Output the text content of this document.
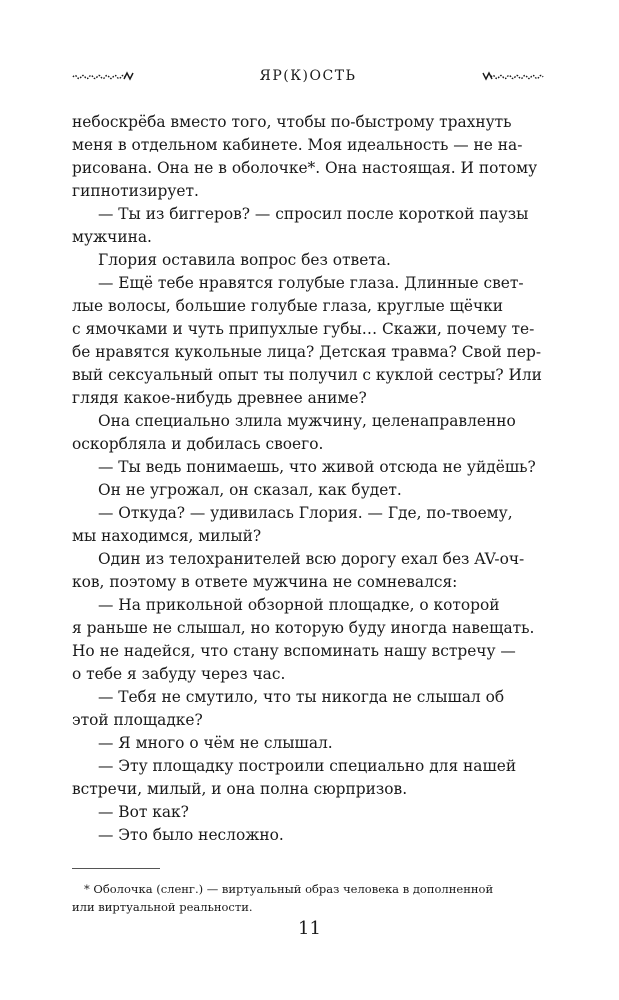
ЯР(К)ОСТЬ

небоскрёба вместо того, чтобы по-быстрому трахнуть
меня в отдельном кабинете. Моя идеальность — не на-
рисована. Она не в оболочке*. Она настоящая. И потому
гипнотизирует.

— Ты из биггеров? — спросил после короткой паузы
мужчина.

Глория оставила вопрос без ответа.

— Ещё тебе нравятся голубые глаза. Длинные свет-
лые волосы, большие голубые глаза, круглые щёчки
с ямочками и чуть припухлые губы… Скажи, почему те-
бе нравятся кукольные лица? Детская травма? Свой пер-
вый сексуальный опыт ты получил с куклой сестры? Или
глядя какое-нибудь древнее аниме?

Она специально злила мужчину, целенаправленно
оскорбляла и добилась своего.

— Ты ведь понимаешь, что живой отсюда не уйдёшь?

Он не угрожал, он сказал, как будет.

— Откуда? — удивилась Глория. — Где, по-твоему,
мы находимся, милый?

Один из телохранителей всю дорогу ехал без AV-оч-
ков, поэтому в ответе мужчина не сомневался:

— На прикольной обзорной площадке, о которой
я раньше не слышал, но которую буду иногда навещать.
Но не надейся, что стану вспоминать нашу встречу —
о тебе я забуду через час.

— Тебя не смутило, что ты никогда не слышал об
этой площадке?

— Я много о чём не слышал.

— Эту площадку построили специально для нашей
встречи, милый, и она полна сюрпризов.

— Вот как?

— Это было несложно.

* Оболочка (сленг.) — виртуальный образ человека в дополненной
или виртуальной реальности.
11
